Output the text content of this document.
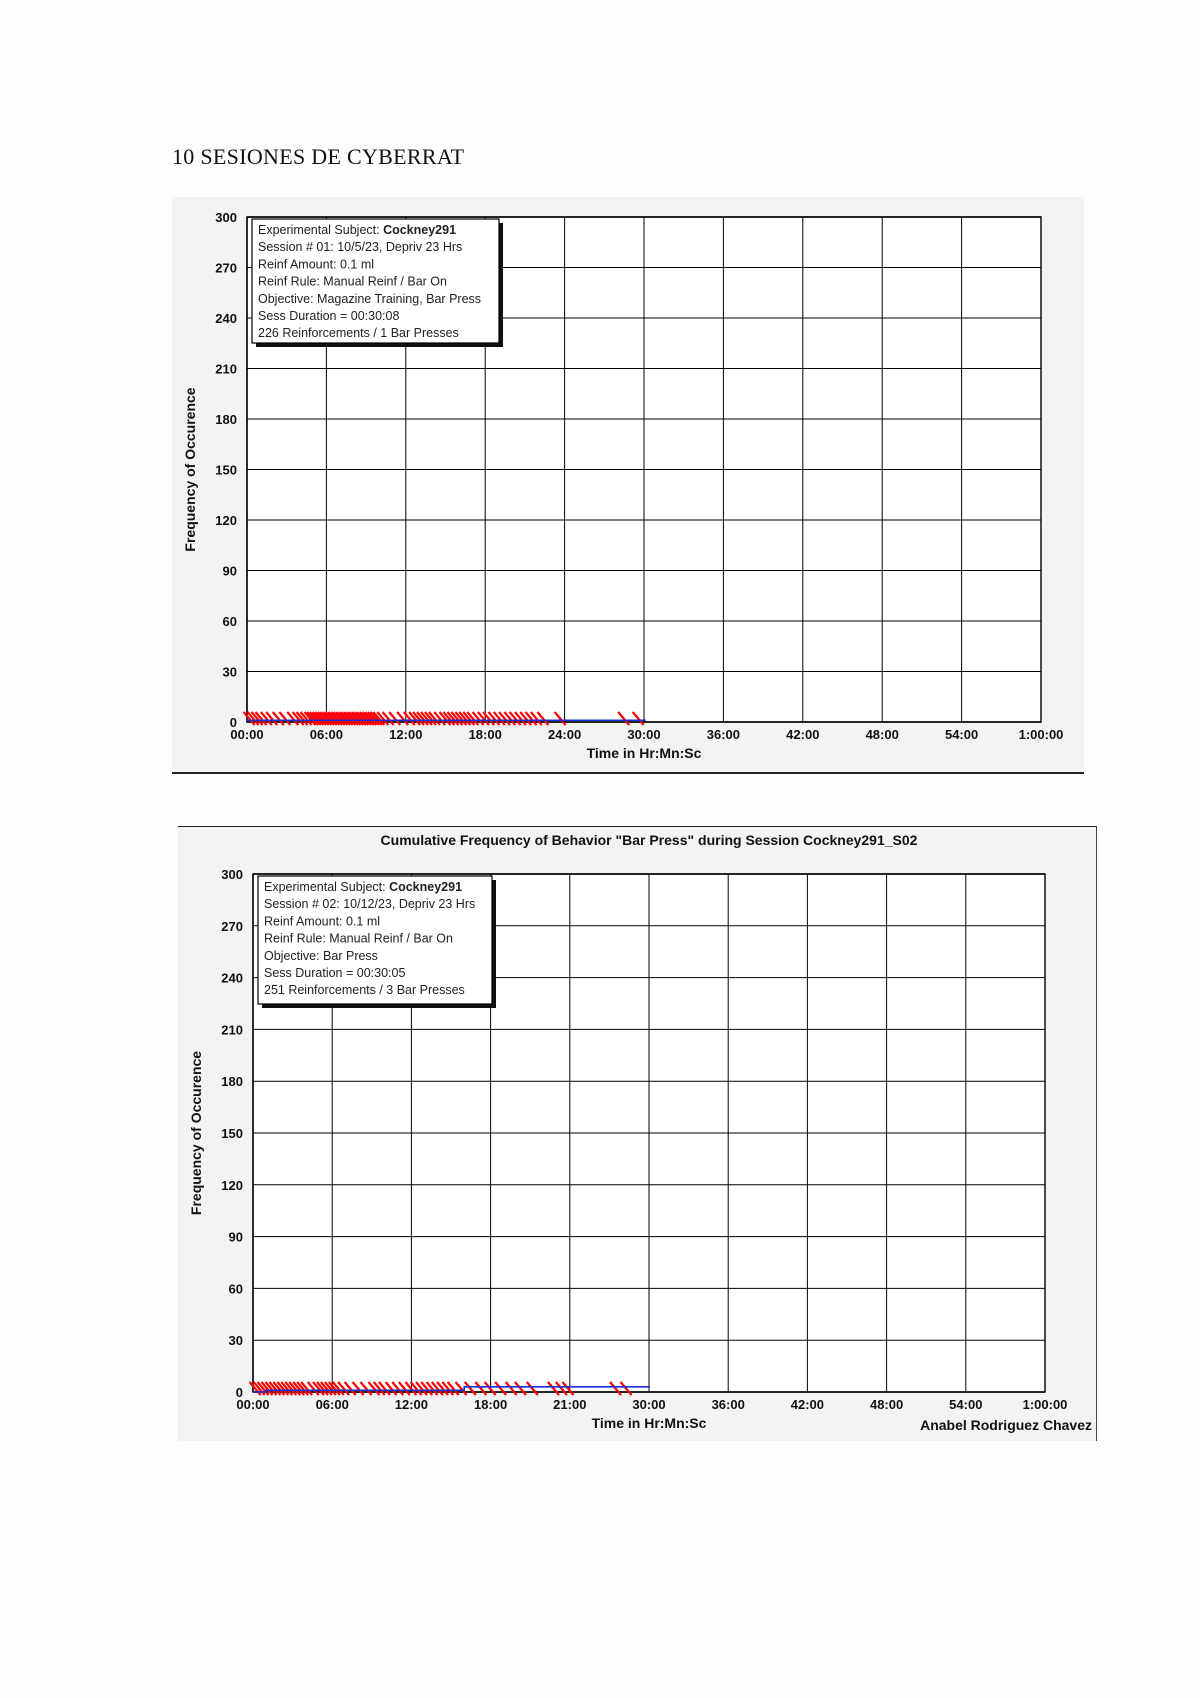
10 SESIONES DE CYBERRAT
00:00	06:00	12:00	18:00	24:00	30:00	36:00	42:00	48:00	54:00	1:00:00
0
30
60
90
120
150
180
210
240
270
300
Time in Hr:Mn:Sc
Frequency of Occurence
Experimental Subject: Cockney291
Session # 01: 10/5/23, Depriv 23 Hrs
Reinf Amount: 0.1 ml
Reinf Rule: Manual Reinf / Bar On
Objective: Magazine Training, Bar Press
Sess Duration = 00:30:08
226 Reinforcements / 1 Bar Presses
00:00	06:00	12:00	18:00	21:00	30:00	36:00	42:00	48:00	54:00	1:00:00
0
30
60
90
120
150
180
210
240
270
300
Time in Hr:Mn:Sc
Frequency of Occurence
Cumulative Frequency of Behavior "Bar Press" during Session Cockney291_S02
Anabel Rodriguez Chavez
Experimental Subject: Cockney291
Session # 02: 10/12/23, Depriv 23 Hrs
Reinf Amount: 0.1 ml
Reinf Rule: Manual Reinf / Bar On
Objective: Bar Press
Sess Duration = 00:30:05
251 Reinforcements / 3 Bar Presses
